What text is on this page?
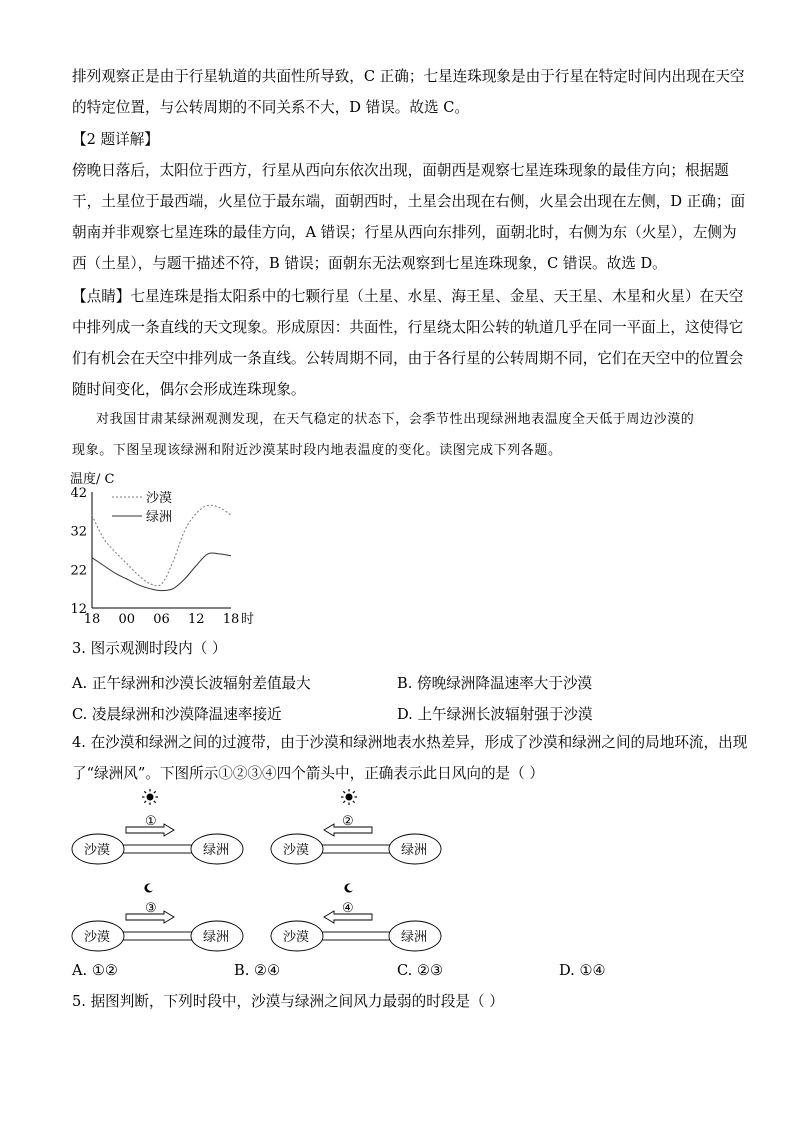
排列观察正是由于行星轨道的共面性所导致，C 正确；七星连珠现象是由于行星在特定时间内出现在天空

的特定位置，与公转周期的不同关系不大，D 错误。故选 C。

【2 题详解】

傍晚日落后，太阳位于西方，行星从西向东依次出现，面朝西是观察七星连珠现象的最佳方向；根据题

干，土星位于最西端，火星位于最东端，面朝西时，土星会出现在右侧，火星会出现在左侧，D 正确；面

朝南并非观察七星连珠的最佳方向，A 错误；行星从西向东排列，面朝北时，右侧为东（火星），左侧为

西（土星），与题干描述不符，B 错误；面朝东无法观察到七星连珠现象，C 错误。故选 D。

【点睛】七星连珠是指太阳系中的七颗行星（土星、水星、海王星、金星、天王星、木星和火星）在天空

中排列成一条直线的天文现象。形成原因：共面性，行星绕太阳公转的轨道几乎在同一平面上，这使得它

们有机会在天空中排列成一条直线。公转周期不同，由于各行星的公转周期不同，它们在天空中的位置会

随时间变化，偶尔会形成连珠现象。

对我国甘肃某绿洲观测发现，在天气稳定的状态下，会季节性出现绿洲地表温度全天低于周边沙漠的

现象。下图呈现该绿洲和附近沙漠某时段内地表温度的变化。读图完成下列各题。

温度/ C
时
42
32
22
12
18 00 06 12 18
沙漠
绿洲

3. 图示观测时段内（ ）

A. 正午绿洲和沙漠长波辐射差值最大	B. 傍晚绿洲降温速率大于沙漠
C. 凌晨绿洲和沙漠降温速率接近	D. 上午绿洲长波辐射强于沙漠

4. 在沙漠和绿洲之间的过渡带，由于沙漠和绿洲地表水热差异，形成了沙漠和绿洲之间的局地环流，出现

了“绿洲风”。下图所示①②③④四个箭头中，正确表示此日风向的是（ ）

①
沙漠	绿洲
②
沙漠	绿洲
③
沙漠	绿洲
④
沙漠	绿洲
A. ①②	B. ②④	C. ②③	D. ①④

5. 据图判断，下列时段中，沙漠与绿洲之间风力最弱的时段是（ ）
